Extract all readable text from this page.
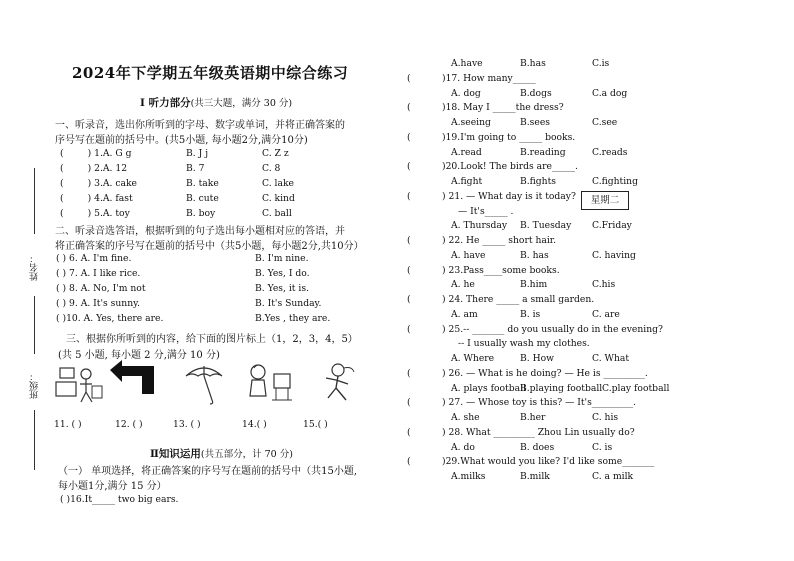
2024年下学期五年级英语期中综合练习
姓名：
班级：
I 听力部分(共三大题，满分 30 分)
一、听录音，选出你所听到的字母、数字或单词，并将正确答案的
序号写在题前的括号中。(共5小题, 每小题2分,满分10分)
(	) 1.A. G g	B. J j	C. Z z
(	) 2.A. 12	B. 7	C. 8
(	) 3.A. cake	B. take	C. lake
(	) 4.A. fast	B. cute	C. kind
(	) 5.A. toy	B. boy	C. ball
二、听录音选答语，根据听到的句子选出每小题相对应的答语，并
将正确答案的序号写在题前的括号中（共5小题，每小题2分,共10分）
( ) 6. A. I'm fine.	B. I'm nine.
( ) 7. A. I like rice.	B. Yes, I do.
( ) 8. A. No, I'm not	B. Yes, it is.
( ) 9. A. It's sunny.	B. It's Sunday.
( )10. A. Yes, there are.	B.Yes , they are.
三、根据你所听到的内容，给下面的图片标上（1，2，3，4，5）
(共 5 小题, 每小题 2 分,满分 10 分)
11. ( )	12. ( )	13. ( )	14.( )	15.( )
Ⅱ知识运用(共五部分，计 70 分)
（一） 单项选择，将正确答案的序号写在题前的括号中（共15小题,
每小题1分,满分 15 分）
( )16.It_____ two big ears.
A.have	B.has	C.is
(	)17. How many_____
A. dog	B.dogs	C.a dog
(	)18. May I _____the dress?
A.seeing	B.sees	C.see
(	)19.I'm going to _____ books.
A.read	B.reading	C.reads
(	)20.Look! The birds are_____.
A.fight	B.fights	C.fighting
(	) 21. — What day is it today?
— It's_____ .
A. Thursday B. Tuesday C.Friday
(	) 22. He _____ short hair.
A. have	B. has	C. having
(	) 23.Pass____some books.
A. he	B.him	C.his
(	) 24. There _____ a small garden.
A. am	B. is	C. are
(	) 25.-- _______ do you usually do in the evening?
-- I usually wash my clothes.
A. Where	B. How	C. What
(	) 26. — What is he doing? — He is _________.
A. plays football
B.playing football C.play football
(	) 27. — Whose toy is this? — It's_________.
A. she	B.her	C. his
(	) 28. What _________ Zhou Lin usually do?
A. do	B. does	C. is
(	)29.What would you like? I'd like some_______
A.milks	B.milk	C. a milk
星期二
